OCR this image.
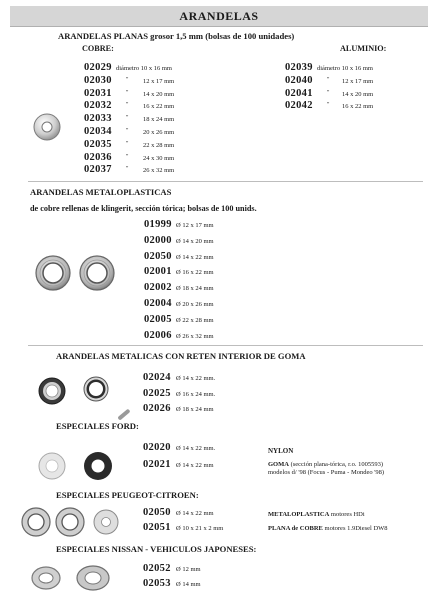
ARANDELAS
ARANDELAS PLANAS grosor 1,5 mm (bolsas de 100 unidades)
COBRE:	ALUMINIO:
02029 diámetro 10 x 16 mm
02030 " 12 x 17 mm
02031 " 14 x 20 mm
02032 " 16 x 22 mm
02033 " 18 x 24 mm
02034 " 20 x 26 mm
02035 " 22 x 28 mm
02036 " 24 x 30 mm
02037 " 26 x 32 mm
02039 diámetro 10 x 16 mm
02040 " 12 x 17 mm
02041 " 14 x 20 mm
02042 " 16 x 22 mm
ARANDELAS METALOPLASTICAS
de cobre rellenas de klingerit, sección tórica; bolsas de 100 unids.
01999 Ø 12 x 17 mm
02000 Ø 14 x 20 mm
02050 Ø 14 x 22 mm
02001 Ø 16 x 22 mm
02002 Ø 18 x 24 mm
02004 Ø 20 x 26 mm
02005 Ø 22 x 28 mm
02006 Ø 26 x 32 mm
ARANDELAS METALICAS CON RETEN INTERIOR DE GOMA
02024 Ø 14 x 22 mm.
02025 Ø 16 x 24 mm.
02026 Ø 18 x 24 mm
ESPECIALES FORD:
02020 Ø 14 x 22 mm.
02021 Ø 14 x 22 mm
NYLON
GOMA (sección plana-tórica, r.o. 1005593)
modelos d/ '98 (Focus - Puma - Mondeo '98)
ESPECIALES PEUGEOT-CITROEN:
02050 Ø 14 x 22 mm
02051 Ø 10 x 21 x 2 mm
METALOPLASTICA motores HDi
PLANA de COBRE motores 1.9Diesel DW8
ESPECIALES NISSAN - VEHICULOS JAPONESES:
02052 Ø 12 mm
02053 Ø 14 mm
